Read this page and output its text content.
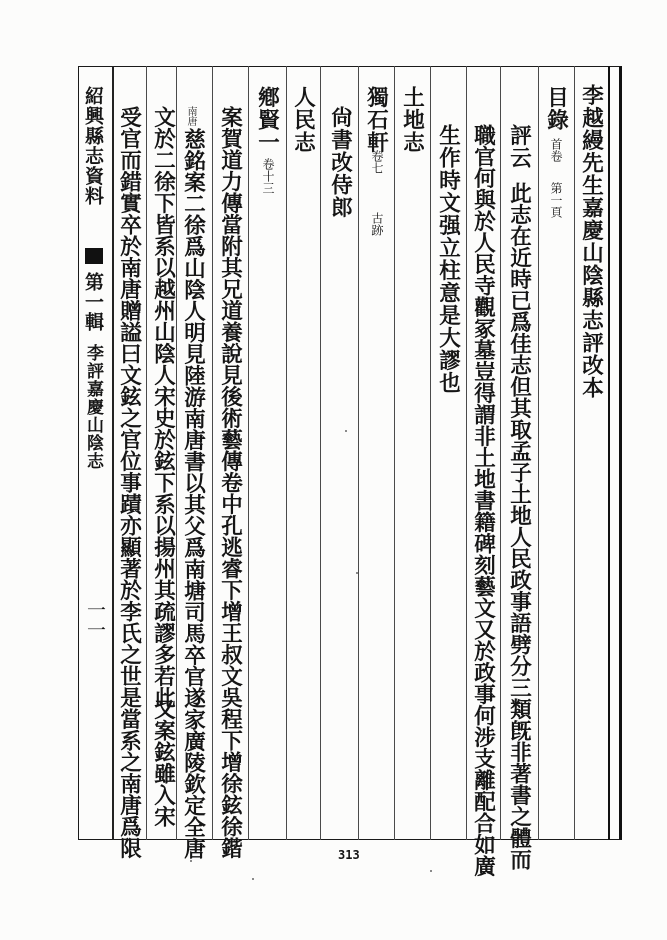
紹興縣志資料
第一輯
李評嘉慶山陰志
一一
李越縵先生嘉慶山陰縣志評改本
目錄
首卷
第一頁
評云
此志在近時已爲佳志但其取孟子土地人民政事語劈分三類旣非著書之體而
職官何與於人民寺觀冢墓豈得謂非土地書籍碑刻藝文又於政事何涉支離配合如廣
生作時文强立柱意是大謬也
土地志
獨石軒
卷七
古跡
尙書改侍郎
人民志
鄕賢一
卷十三
案賀道力傳當附其兄道養說見後術藝傳卷中孔逃睿下增王叔文吳程下增徐鉉徐鍇
南唐
慈銘案二徐爲山陰人明見陸游南唐書以其父爲南塘司馬卒官遂家廣陵欽定全唐
文於二徐下皆系以越州山陰人宋史於鉉下系以揚州其疏謬多若此
又案鉉雖入宋
受官而錯實卒於南唐贈謚曰文鉉之官位事蹟亦顯著於李氏之世是當系之南唐爲限	313
